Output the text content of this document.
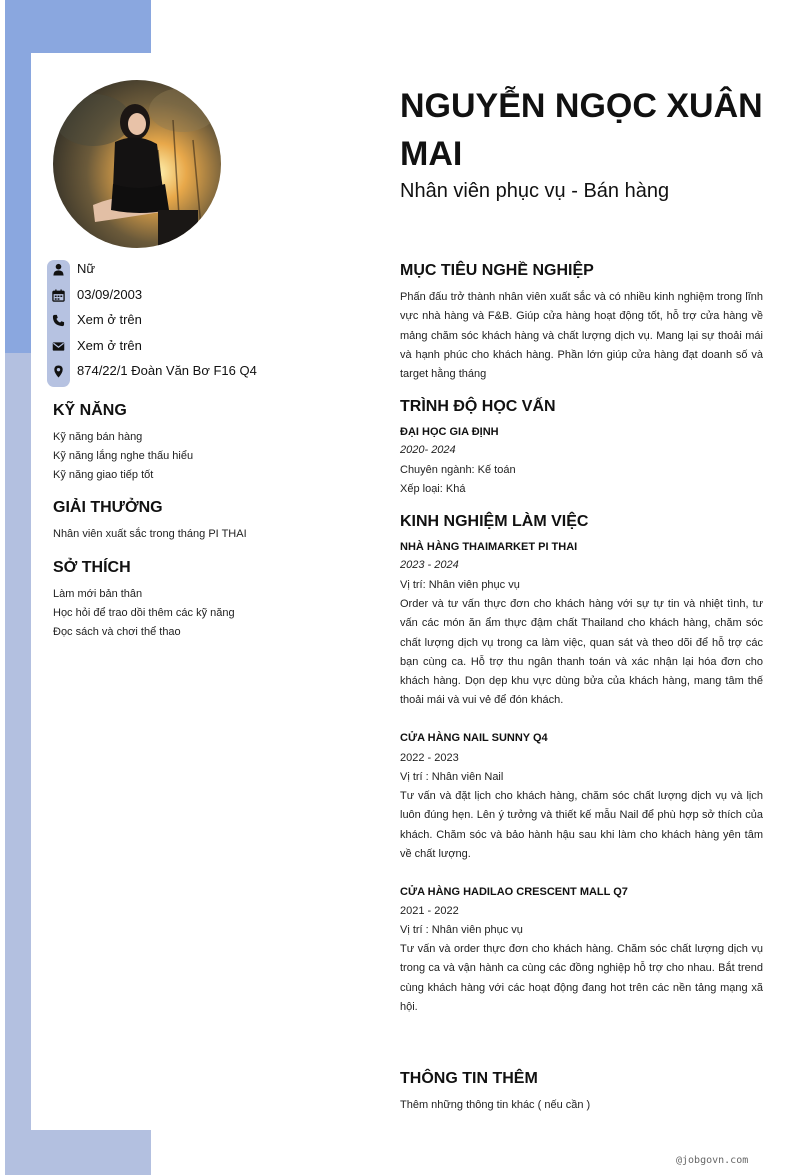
Nữ
03/09/2003
Xem ở trên
Xem ở trên
874/22/1 Đoàn Văn Bơ F16 Q4
KỸ NĂNG
Kỹ năng bán hàng
Kỹ năng lắng nghe thấu hiểu
Kỹ năng giao tiếp tốt
GIẢI THƯỞNG
Nhân viên xuất sắc trong tháng PI THAI
SỞ THÍCH
Làm mới bản thân
Học hỏi để trao dồi thêm các kỹ năng
Đọc sách và chơi thể thao
NGUYỄN NGỌC XUÂN MAI
Nhân viên phục vụ - Bán hàng
MỤC TIÊU NGHỀ NGHIỆP
Phấn đấu trở thành nhân viên xuất sắc và có nhiều kinh nghiệm trong lĩnh vực nhà hàng và F&B. Giúp cửa hàng hoạt động tốt, hỗ trợ cửa hàng về mảng chăm sóc khách hàng và chất lượng dịch vụ. Mang lại sự thoải mái và hạnh phúc cho khách hàng. Phần lớn giúp cửa hàng đạt doanh số và target hằng tháng
TRÌNH ĐỘ HỌC VẤN
ĐẠI HỌC GIA ĐỊNH
2020- 2024
Chuyên ngành: Kế toán
Xếp loại: Khá
KINH NGHIỆM LÀM VIỆC
NHÀ HÀNG THAIMARKET PI THAI
2023 - 2024
Vị trí: Nhân viên phục vụ
Order và tư vấn thực đơn cho khách hàng với sự tự tin và nhiệt tình, tư vấn các món ăn ẩm thực đậm chất Thailand cho khách hàng, chăm sóc chất lượng dịch vụ trong ca làm việc, quan sát và theo dõi để hỗ trợ các bạn cùng ca. Hỗ trợ thu ngân thanh toán và xác nhận lại hóa đơn cho khách hàng. Dọn dẹp khu vực dùng bửa của khách hàng, mang tâm thế thoải mái và vui vẻ để đón khách.
CỬA HÀNG NAIL SUNNY Q4
2022 - 2023
Vị trí : Nhân viên Nail
Tư vấn và đặt lịch cho khách hàng, chăm sóc chất lượng dịch vụ và lịch luôn đúng hẹn. Lên ý tưởng và thiết kế mẫu Nail để phù hợp sở thích của khách. Chăm sóc và bảo hành hậu sau khi làm cho khách hàng yên tâm về chất lượng.
CỬA HÀNG HADILAO CRESCENT MALL Q7
2021 - 2022
Vị trí : Nhân viên phục vụ
Tư vấn và order thực đơn cho khách hàng. Chăm sóc chất lượng dịch vụ trong ca và vận hành ca cùng các đồng nghiệp hỗ trợ cho nhau. Bắt trend cùng khách hàng với các hoạt động đang hot trên các nền tảng mạng xã hội.
THÔNG TIN THÊM
Thêm những thông tin khác ( nếu cần )
@jobgovn.com
